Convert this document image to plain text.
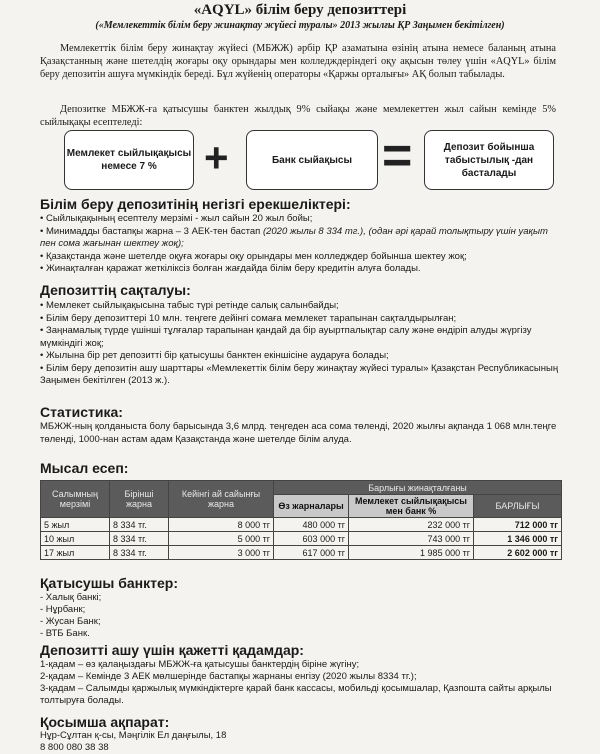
«AQYL» білім беру депозиттері
(«Мемлекеттік білім беру жинақтау жүйесі туралы» 2013 жылғы ҚР Заңымен бекітілген)
Мемлекеттік білім беру жинақтау жүйесі (МБЖЖ) әрбір ҚР азаматына өзінің атына немесе баланың атына Қазақстанның және шетелдің жоғары оқу орындары мен колледждеріндегі оқу ақысын төлеу үшін «AQYL» білім беру депозитін ашуға мүмкіндік береді. Бұл жүйенің операторы «Қаржы орталығы» АҚ болып табылады.
Депозитке МБЖЖ-ға қатысушы банктен жылдық 9% сыйақы және мемлекеттен жыл сайын кемінде 5% сыйлықақы есептеледі:
Мемлекет сыйлықақысы немесе 7 %	+	Банк сыйақысы =	Депозит бойынша табыстылық -дан басталады
Білім беру депозитінің негізгі ерекшеліктері:
• Сыйлықақының есептелу мерзімі - жыл сайын 20 жыл бойы;
• Минимадды бастапқы жарна – 3 АЕК-тен бастап (2020 жылы 8 334 тг.), (одан әрі қарай толықтыру үшін уақыт пен сома жағынан шектеу жоқ);
• Қазақстанда және шетелде оқуға жоғары оқу орындары мен колледждер бойынша шектеу жоқ;
• Жинақталған қаражат жеткіліксіз болған жағдайда білім беру кредитін алуға болады.
Депозиттің сақталуы:
• Мемлекет сыйлықақысына табыс түрі ретінде салық салынбайды;
• Білім беру депозиттері 10 млн. теңгеге дейінгі сомаға мемлекет тарапынан сақталдырылған;
• Заңнамалық түрде үшінші тұлғалар тарапынан қандай да бір ауыртпалықтар салу және өндіріп алуды жүргізу мүмкіндігі жоқ;
• Жылына бір рет депозитті бір қатысушы банктен екіншісіне аударуға болады;
• Білім беру депозитін ашу шарттары «Мемлекеттік білім беру жинақтау жүйесі туралы» Қазақстан Республикасының Заңымен бекітілген (2013 ж.).
Статистика:
МБЖЖ-ның қолданыста болу барысында 3,6 млрд. теңгеден аса сома төленді, 2020 жылғы ақпанда 1 068 млн.теңге төленді, 1000-нан астам адам Қазақстанда және шетелде білім алуда.
Мысал есеп:
Салымның мерзімі	Бірінші жарна	Кейінгі ай сайынғы жарна	Барлығы жинақталғаны		
			Өз жарналары	Мемлекет сыйлықақысы мен банк %	БАРЛЫҒЫ
5 жыл	8 334 тг.	8 000 тг	480 000 тг	232 000 тг	712 000 тг
10 жыл	8 334 тг.	5 000 тг	603 000 тг	743 000 тг	1 346 000 тг
17 жыл	8 334 тг.	3 000 тг	617 000 тг	1 985 000 тг	2 602 000 тг
Қатысушы банктер:
- Халық банкі;
- Нұрбанк;
- Жусан Банк;
- ВТБ Банк.
Депозитті ашу үшін қажетті қадамдар:
1-қадам – өз қалаңыздағы МБЖЖ-ға қатысушы банктердің біріне жүгіну;
2-қадам – Кемінде 3 АЕК мөлшерінде бастапқы жарнаны енгізу (2020 жылы 8334 тг.);
3-қадам – Салымды қаржылық мүмкіндіктерге қарай банк кассасы, мобильді қосымшалар, Қазпошта сайты арқылы толтыруға болады.
Қосымша ақпарат:
Нұр-Сұлтан қ-сы, Мәңгілік Ел даңғылы, 18
8 800 080 38 38
